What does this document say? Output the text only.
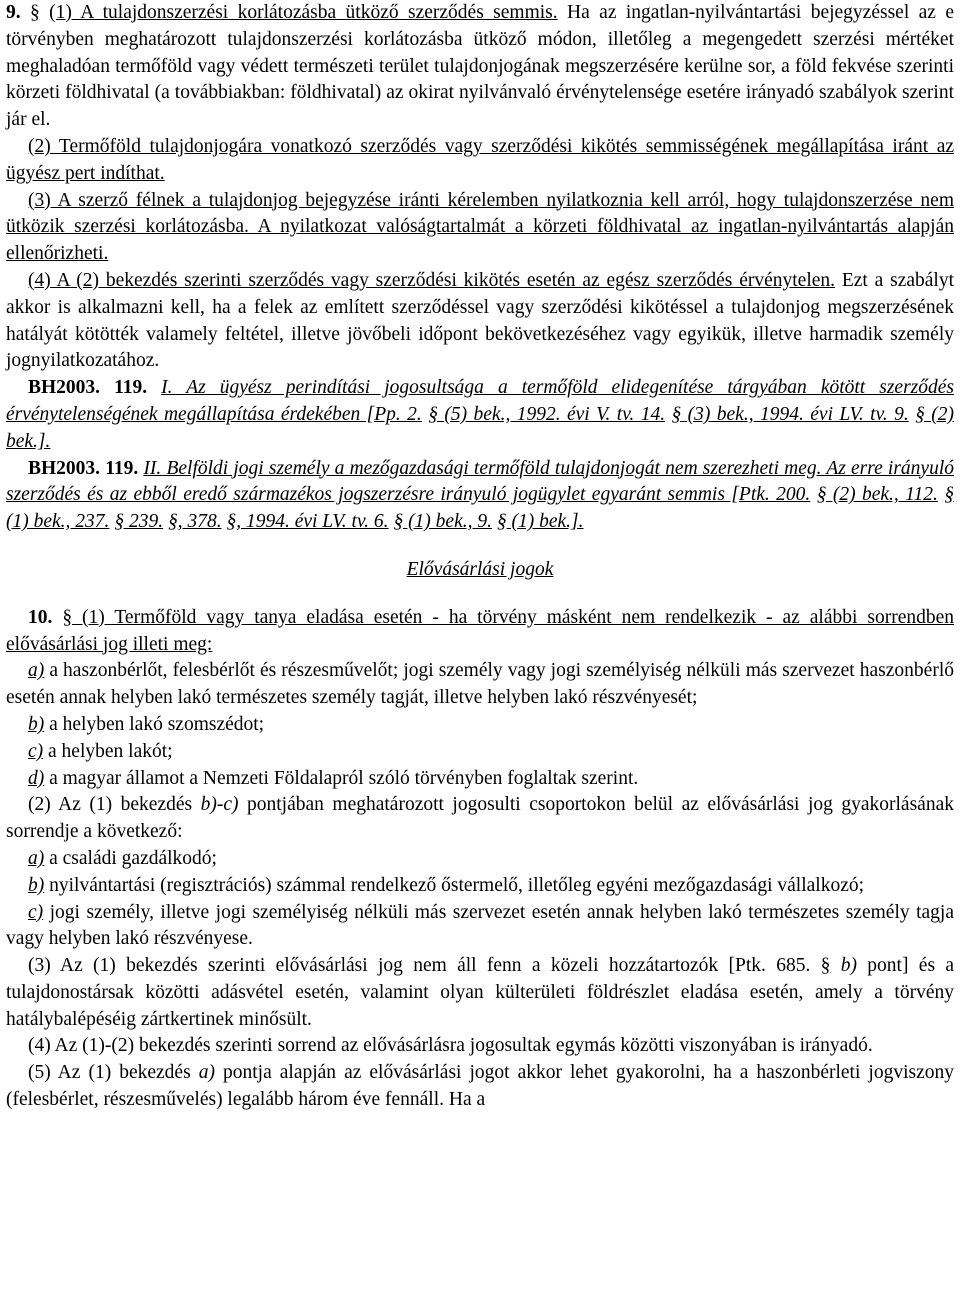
9. § (1) A tulajdonszerzési korlátozásba ütköző szerződés semmis. Ha az ingatlan-nyilvántartási bejegyzéssel az e törvényben meghatározott tulajdonszerzési korlátozásba ütköző módon, illetőleg a megengedett szerzési mértéket meghaladóan termőföld vagy védett természeti terület tulajdonjogának megszerzésére kerülne sor, a föld fekvése szerinti körzeti földhivatal (a továbbiakban: földhivatal) az okirat nyilvánvaló érvénytelensége esetére irányadó szabályok szerint jár el.

(2) Termőföld tulajdonjogára vonatkozó szerződés vagy szerződési kikötés semmisségének megállapítása iránt az ügyész pert indíthat.

(3) A szerző félnek a tulajdonjog bejegyzése iránti kérelemben nyilatkoznia kell arról, hogy tulajdonszerzése nem ütközik szerzési korlátozásba. A nyilatkozat valóságtartalmát a körzeti földhivatal az ingatlan-nyilvántartás alapján ellenőrizheti.

(4) A (2) bekezdés szerinti szerződés vagy szerződési kikötés esetén az egész szerződés érvénytelen. Ezt a szabályt akkor is alkalmazni kell, ha a felek az említett szerződéssel vagy szerződési kikötéssel a tulajdonjog megszerzésének hatályát kötötték valamely feltétel, illetve jövőbeli időpont bekövetkezéséhez vagy egyikük, illetve harmadik személy jognyilatkozatához.

BH2003. 119. I. Az ügyész perindítási jogosultsága a termőföld elidegenítése tárgyában kötött szerződés érvénytelenségének megállapítása érdekében [Pp. 2. § (5) bek., 1992. évi V. tv. 14. § (3) bek., 1994. évi LV. tv. 9. § (2) bek.].

BH2003. 119. II. Belföldi jogi személy a mezőgazdasági termőföld tulajdonjogát nem szerezheti meg. Az erre irányuló szerződés és az ebből eredő származékos jogszerzésre irányuló jogügylet egyaránt semmis [Ptk. 200. § (2) bek., 112. § (1) bek., 237. § 239. §, 378. §, 1994. évi LV. tv. 6. § (1) bek., 9. § (1) bek.].

Elővásárlási jogok

10. § (1) Termőföld vagy tanya eladása esetén - ha törvény másként nem rendelkezik - az alábbi sorrendben elővásárlási jog illeti meg:

a) a haszonbérlőt, felesbérlőt és részesművelőt; jogi személy vagy jogi személyiség nélküli más szervezet haszonbérlő esetén annak helyben lakó természetes személy tagját, illetve helyben lakó részvényesét;

b) a helyben lakó szomszédot;

c) a helyben lakót;

d) a magyar államot a Nemzeti Földalapról szóló törvényben foglaltak szerint.

(2) Az (1) bekezdés b)-c) pontjában meghatározott jogosulti csoportokon belül az elővásárlási jog gyakorlásának sorrendje a következő:

a) a családi gazdálkodó;

b) nyilvántartási (regisztrációs) számmal rendelkező őstermelő, illetőleg egyéni mezőgazdasági vállalkozó;

c) jogi személy, illetve jogi személyiség nélküli más szervezet esetén annak helyben lakó természetes személy tagja vagy helyben lakó részvényese.

(3) Az (1) bekezdés szerinti elővásárlási jog nem áll fenn a közeli hozzátartozók [Ptk. 685. § b) pont] és a tulajdonostársak közötti adásvétel esetén, valamint olyan külterületi földrészlet eladása esetén, amely a törvény hatálybalépéséig zártkertinek minősült.

(4) Az (1)-(2) bekezdés szerinti sorrend az elővásárlásra jogosultak egymás közötti viszonyában is irányadó.

(5) Az (1) bekezdés a) pontja alapján az elővásárlási jogot akkor lehet gyakorolni, ha a haszonbérleti jogviszony (felesbérlet, részesművelés) legalább három éve fennáll. Ha a
